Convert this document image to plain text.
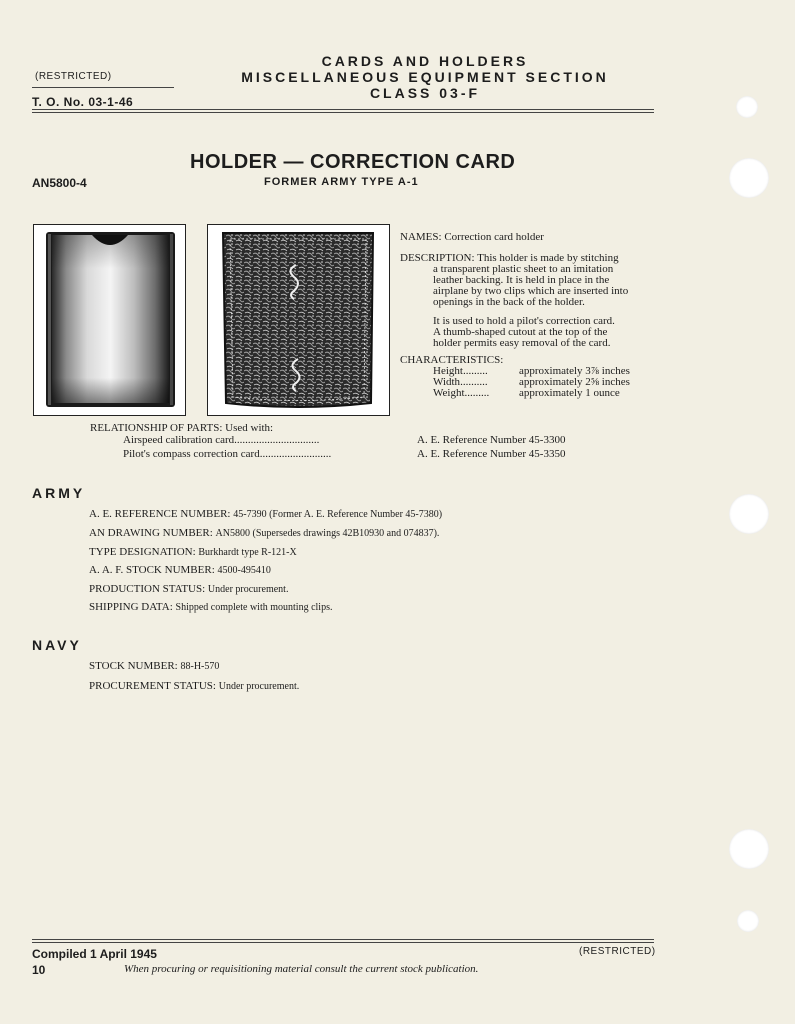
CARDS AND HOLDERS
MISCELLANEOUS EQUIPMENT SECTION
CLASS 03-F
(RESTRICTED)
T. O. No. 03-1-46
HOLDER — CORRECTION CARD
AN5800-4	FORMER ARMY TYPE A-1
NAMES: Correction card holder
DESCRIPTION: This holder is made by stitching
a transparent plastic sheet to an imitation
leather backing. It is held in place in the
airplane by two clips which are inserted into
openings in the back of the holder.
It is used to hold a pilot's correction card.
A thumb-shaped cutout at the top of the
holder permits easy removal of the card.
CHARACTERISTICS:
Height.........	approximately 3⅞ inches
Width..........	approximately 2⅝ inches
Weight.........	approximately 1 ounce
RELATIONSHIP OF PARTS: Used with:
Airspeed calibration card...............................	A. E. Reference Number 45-3300
Pilot's compass correction card..........................	A. E. Reference Number 45-3350
ARMY
A. E. REFERENCE NUMBER: 45-7390 (Former A. E. Reference Number 45-7380)
AN DRAWING NUMBER: AN5800 (Supersedes drawings 42B10930 and 074837).
TYPE DESIGNATION: Burkhardt type R-121-X
A. A. F. STOCK NUMBER: 4500-495410
PRODUCTION STATUS: Under procurement.
SHIPPING DATA: Shipped complete with mounting clips.
NAVY
STOCK NUMBER: 88-H-570
PROCUREMENT STATUS: Under procurement.
Compiled 1 April 1945	(RESTRICTED)
10	When procuring or requisitioning material consult the current stock publication.
